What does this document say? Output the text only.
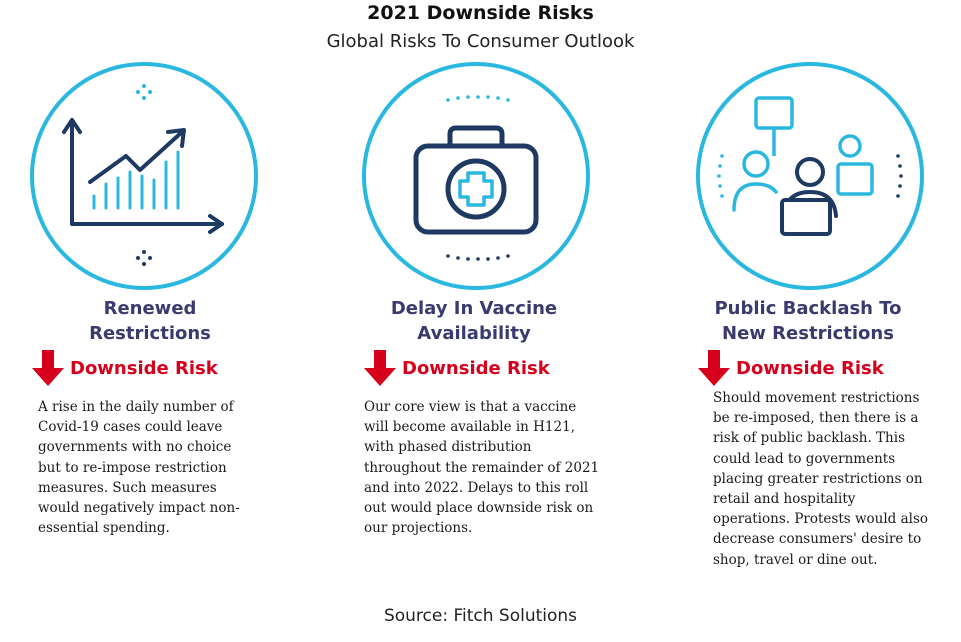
2021 Downside Risks
Global Risks To Consumer Outlook
Renewed
Restrictions
Downside Risk
A rise in the daily number of Covid-19 cases could leave governments with no choice but to re-impose restriction measures. Such measures would negatively impact non-essential spending.
Delay In Vaccine
Availability
Downside Risk
Our core view is that a vaccine will become available in H121, with phased distribution throughout the remainder of 2021 and into 2022. Delays to this roll out would place downside risk on our projections.
Public Backlash To
New Restrictions
Downside Risk
Should movement restrictions be re-imposed, then there is a risk of public backlash. This could lead to governments placing greater restrictions on retail and hospitality operations. Protests would also decrease consumers' desire to shop, travel or dine out.
Source: Fitch Solutions
